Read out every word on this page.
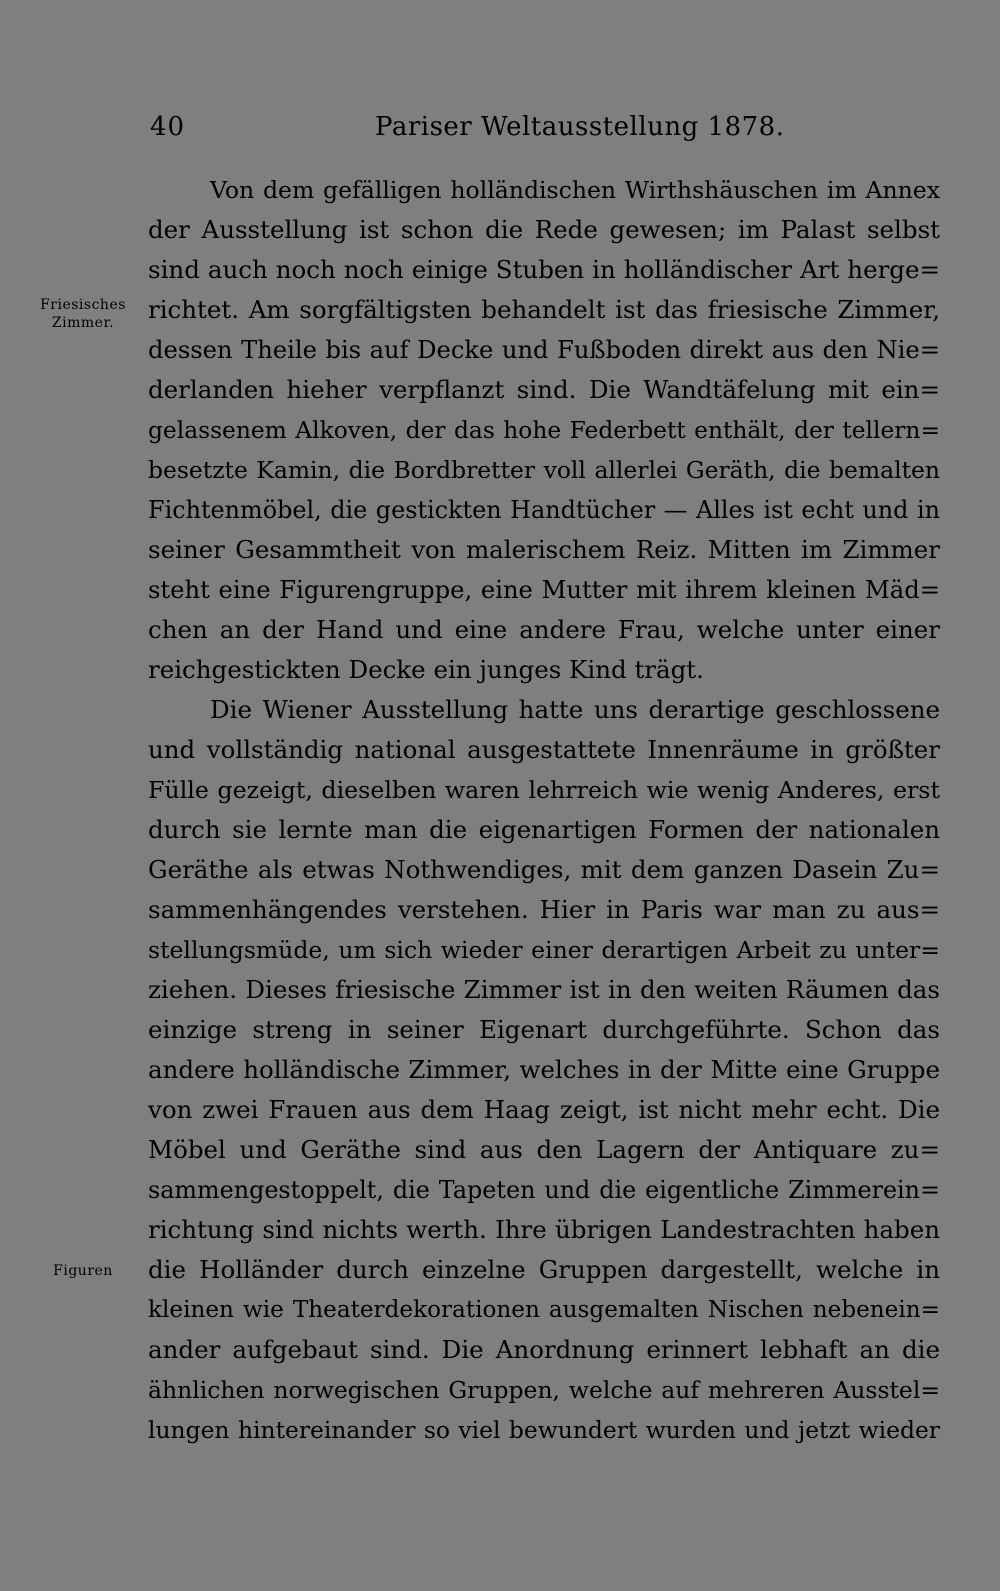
40	Pariser Weltausstellung 1878.
Friesisches
Zimmer.
Figuren
Von dem gefälligen holländischen Wirthshäuschen im Annex
der Ausstellung ist schon die Rede gewesen; im Palast selbst
sind auch noch noch einige Stuben in holländischer Art herge=
richtet. Am sorgfältigsten behandelt ist das friesische Zimmer,
dessen Theile bis auf Decke und Fußboden direkt aus den Nie=
derlanden hieher verpflanzt sind. Die Wandtäfelung mit ein=
gelassenem Alkoven, der das hohe Federbett enthält, der tellern=
besetzte Kamin, die Bordbretter voll allerlei Geräth, die bemalten
Fichtenmöbel, die gestickten Handtücher — Alles ist echt und in
seiner Gesammtheit von malerischem Reiz. Mitten im Zimmer
steht eine Figurengruppe, eine Mutter mit ihrem kleinen Mäd=
chen an der Hand und eine andere Frau, welche unter einer
reichgestickten Decke ein junges Kind trägt.
Die Wiener Ausstellung hatte uns derartige geschlossene
und vollständig national ausgestattete Innenräume in größter
Fülle gezeigt, dieselben waren lehrreich wie wenig Anderes, erst
durch sie lernte man die eigenartigen Formen der nationalen
Geräthe als etwas Nothwendiges, mit dem ganzen Dasein Zu=
sammenhängendes verstehen. Hier in Paris war man zu aus=
stellungsmüde, um sich wieder einer derartigen Arbeit zu unter=
ziehen. Dieses friesische Zimmer ist in den weiten Räumen das
einzige streng in seiner Eigenart durchgeführte. Schon das
andere holländische Zimmer, welches in der Mitte eine Gruppe
von zwei Frauen aus dem Haag zeigt, ist nicht mehr echt. Die
Möbel und Geräthe sind aus den Lagern der Antiquare zu=
sammengestoppelt, die Tapeten und die eigentliche Zimmerein=
richtung sind nichts werth. Ihre übrigen Landestrachten haben
die Holländer durch einzelne Gruppen dargestellt, welche in
kleinen wie Theaterdekorationen ausgemalten Nischen nebenein=
ander aufgebaut sind. Die Anordnung erinnert lebhaft an die
ähnlichen norwegischen Gruppen, welche auf mehreren Ausstel=
lungen hintereinander so viel bewundert wurden und jetzt wieder
